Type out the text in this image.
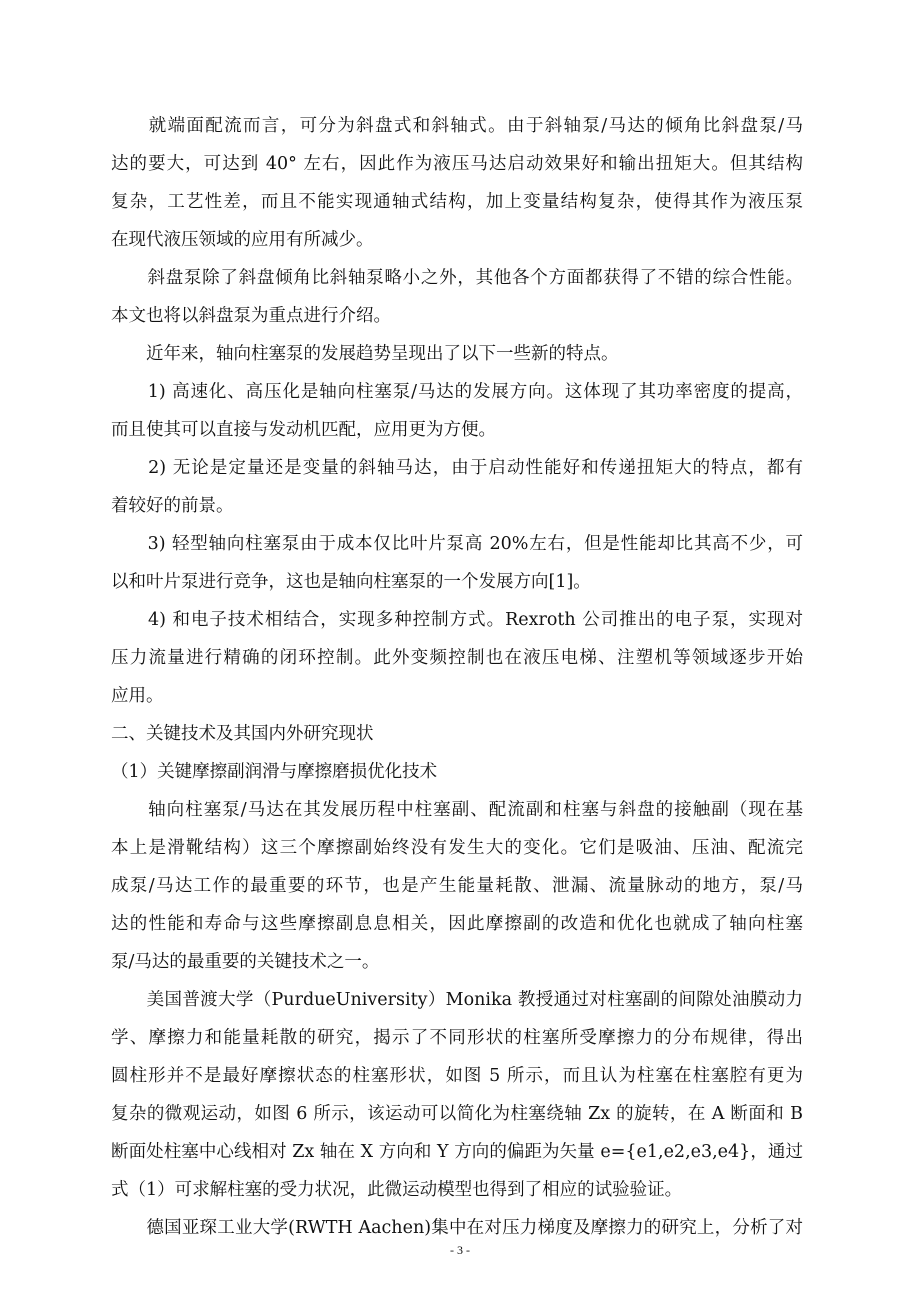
　　就端面配流而言，可分为斜盘式和斜轴式。由于斜轴泵/马达的倾角比斜盘泵/马
达的要大，可达到 40° 左右，因此作为液压马达启动效果好和输出扭矩大。但其结构
复杂，工艺性差，而且不能实现通轴式结构，加上变量结构复杂，使得其作为液压泵
在现代液压领域的应用有所减少。
　　斜盘泵除了斜盘倾角比斜轴泵略小之外，其他各个方面都获得了不错的综合性能。
本文也将以斜盘泵为重点进行介绍。
　　近年来，轴向柱塞泵的发展趋势呈现出了以下一些新的特点。
　　1) 高速化、高压化是轴向柱塞泵/马达的发展方向。这体现了其功率密度的提高，
而且使其可以直接与发动机匹配，应用更为方便。
　　2) 无论是定量还是变量的斜轴马达，由于启动性能好和传递扭矩大的特点，都有
着较好的前景。
　　3) 轻型轴向柱塞泵由于成本仅比叶片泵高 20%左右，但是性能却比其高不少，可
以和叶片泵进行竞争，这也是轴向柱塞泵的一个发展方向[1]。
　　4) 和电子技术相结合，实现多种控制方式。Rexroth 公司推出的电子泵，实现对
压力流量进行精确的闭环控制。此外变频控制也在液压电梯、注塑机等领域逐步开始
应用。
二、关键技术及其国内外研究现状
（1）关键摩擦副润滑与摩擦磨损优化技术
　　轴向柱塞泵/马达在其发展历程中柱塞副、配流副和柱塞与斜盘的接触副（现在基
本上是滑靴结构）这三个摩擦副始终没有发生大的变化。它们是吸油、压油、配流完
成泵/马达工作的最重要的环节，也是产生能量耗散、泄漏、流量脉动的地方，泵/马
达的性能和寿命与这些摩擦副息息相关，因此摩擦副的改造和优化也就成了轴向柱塞
泵/马达的最重要的关键技术之一。
　　美国普渡大学（PurdueUniversity）Monika 教授通过对柱塞副的间隙处油膜动力
学、摩擦力和能量耗散的研究，揭示了不同形状的柱塞所受摩擦力的分布规律，得出
圆柱形并不是最好摩擦状态的柱塞形状，如图 5 所示，而且认为柱塞在柱塞腔有更为
复杂的微观运动，如图 6 所示，该运动可以简化为柱塞绕轴 Zx 的旋转，在 A 断面和 B
断面处柱塞中心线相对 Zx 轴在 X 方向和 Y 方向的偏距为矢量 e={e1,e2,e3,e4}，通过
式（1）可求解柱塞的受力状况，此微运动模型也得到了相应的试验验证。
　　德国亚琛工业大学(RWTH Aachen)集中在对压力梯度及摩擦力的研究上，分析了对
- 3 -
